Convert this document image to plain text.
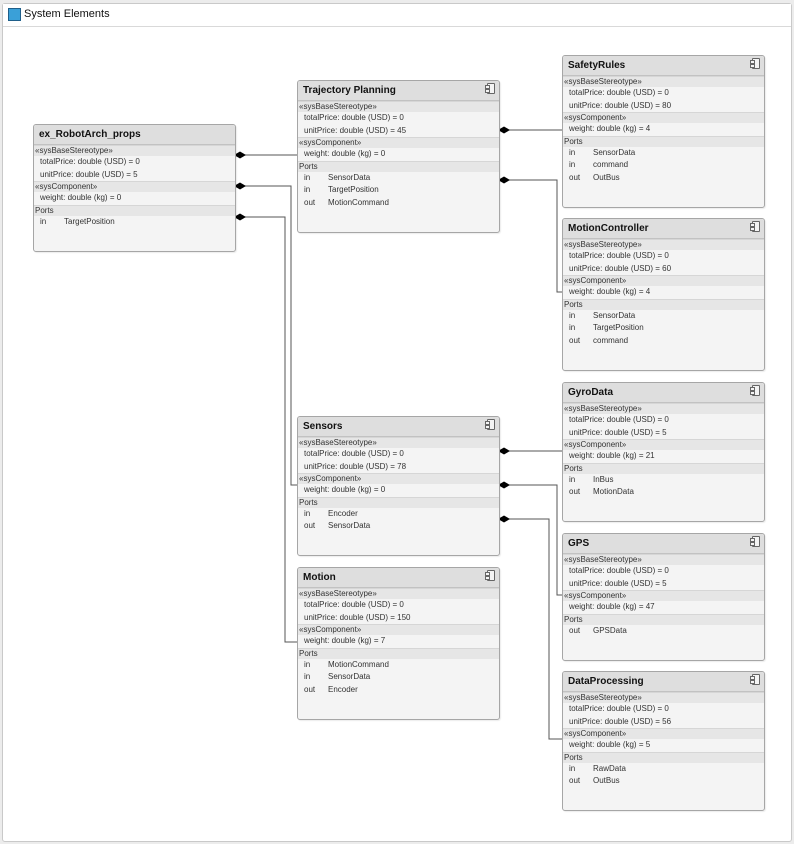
System Elements
ex_RobotArch_props
«sysBaseStereotype»
totalPrice: double (USD) = 0
unitPrice: double (USD) = 5
«sysComponent»
weight: double (kg) = 0
Ports
in TargetPosition
Trajectory Planning
«sysBaseStereotype»
totalPrice: double (USD) = 0
unitPrice: double (USD) = 45
«sysComponent»
weight: double (kg) = 0
Ports
in SensorData
in TargetPosition
out MotionCommand
Sensors
«sysBaseStereotype»
totalPrice: double (USD) = 0
unitPrice: double (USD) = 78
«sysComponent»
weight: double (kg) = 0
Ports
in Encoder
out SensorData
Motion
«sysBaseStereotype»
totalPrice: double (USD) = 0
unitPrice: double (USD) = 150
«sysComponent»
weight: double (kg) = 7
Ports
in MotionCommand
in SensorData
out Encoder
SafetyRules
«sysBaseStereotype»
totalPrice: double (USD) = 0
unitPrice: double (USD) = 80
«sysComponent»
weight: double (kg) = 4
Ports
in SensorData
in command
out OutBus
MotionController
«sysBaseStereotype»
totalPrice: double (USD) = 0
unitPrice: double (USD) = 60
«sysComponent»
weight: double (kg) = 4
Ports
in SensorData
in TargetPosition
out command
GyroData
«sysBaseStereotype»
totalPrice: double (USD) = 0
unitPrice: double (USD) = 5
«sysComponent»
weight: double (kg) = 21
Ports
in InBus
out MotionData
GPS
«sysBaseStereotype»
totalPrice: double (USD) = 0
unitPrice: double (USD) = 5
«sysComponent»
weight: double (kg) = 47
Ports
out GPSData
DataProcessing
«sysBaseStereotype»
totalPrice: double (USD) = 0
unitPrice: double (USD) = 56
«sysComponent»
weight: double (kg) = 5
Ports
in RawData
out OutBus
